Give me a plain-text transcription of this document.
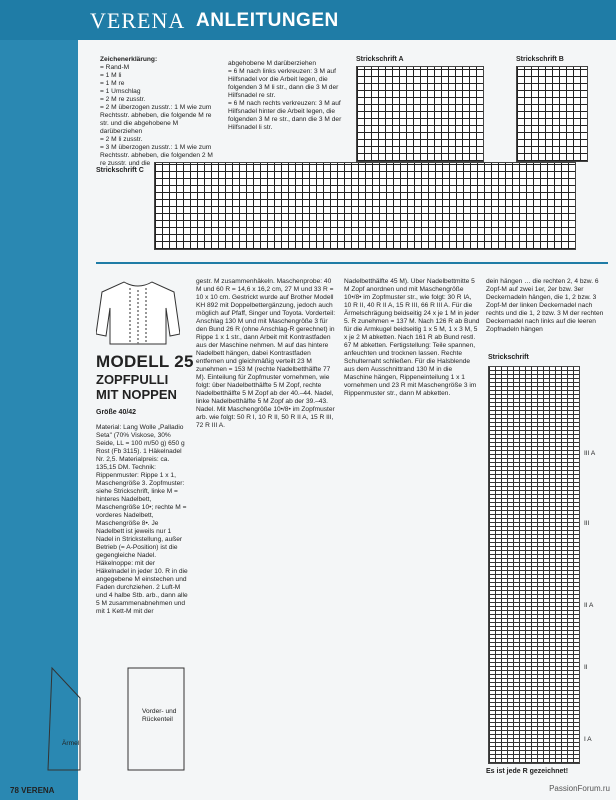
VERENA ANLEITUNGEN
Zeichenerklärung:
= Rand-M
= 1 M li
= 1 M re
= 1 Umschlag
= 2 M re zusstr.
= 2 M überzogen zusstr.: 1 M wie zum Rechtsstr. abheben, die folgende M re str. und die abgehobene M darüberziehen
= 2 M li zusstr.
= 3 M überzogen zusstr.: 1 M wie zum Rechtsstr. abheben, die folgenden 2 M re zusstr. und die
abgehobene M darüberziehen
= 6 M nach links verkreuzen: 3 M auf Hilfsnadel vor die Arbeit legen, die folgenden 3 M li str., dann die 3 M der Hilfsnadel re str.
= 6 M nach rechts verkreuzen: 3 M auf Hilfsnadel hinter die Arbeit legen, die folgenden 3 M re str., dann die 3 M der Hilfsnadel li str.
Strickschrift A	Strickschrift B
Strickschrift C
MODELL 25
ZOPFPULLI
MIT NOPPEN
Größe 40/42
Material: Lang Wolle „Palladio Seta" (70% Viskose, 30% Seide, LL = 100 m/50 g) 650 g Rost (Fb 3115). 1 Häkelnadel Nr. 2,5. Materialpreis: ca. 135,15 DM. Technik: Rippenmuster: Rippe 1 x 1, Maschengröße 3. Zopfmuster: siehe Strickschrift, linke M = hinteres Nadelbett, Maschengröße 10•; rechte M = vorderes Nadelbett, Maschengröße 8•. Je Nadelbett ist jeweils nur 1 Nadel in Strickstellung, außer Betrieb (= A-Position) ist die gegengleiche Nadel. Häkelnoppe: mit der Häkelnadel in jeder 10. R in die angegebene M einstechen und Faden durchziehen. 2 Luft-M und 4 halbe Stb. arb., dann alle 5 M zusammenabnehmen und mit 1 Kett-M mit der
gestr. M zusammenhäkeln. Maschenprobe: 40 M und 60 R = 14,6 x 16,2 cm, 27 M und 33 R = 10 x 10 cm. Gestrickt wurde auf Brother Modell KH 892 mit Doppelbettergänzung, jedoch auch möglich auf Pfaff, Singer und Toyota. Vorderteil: Anschlag 130 M und mit Maschengröße 3 für den Bund 26 R (ohne Anschlag-R gerechnet) in Rippe 1 x 1 str., dann Arbeit mit Kontrastfaden aus der Maschine nehmen. M auf das hintere Nadelbett hängen, dabei Kontrastfaden entfernen und gleichmäßig verteilt 23 M zunehmen = 153 M (rechte Nadelbetthälfte 77 M). Einteilung für Zopfmuster vornehmen, wie folgt: über Nadelbetthälfte 5 M Zopf, rechte Nadelbetthälfte 5 M Zopf ab der 40.–44. Nadel, linke Nadelbetthälfte 5 M Zopf ab der 39.–43. Nadel. Mit Maschengröße 10•/8• im Zopfmuster arb. wie folgt: 50 R I, 10 R II, 50 R II A, 15 R III, 72 R III A.
Nadelbetthälfte 45 M). Über Nadelbettmitte 5 M Zopf anordnen und mit Maschengröße 10•/8• im Zopfmuster str., wie folgt: 30 R IA, 10 R II, 40 R II A, 15 R III, 66 R III A. Für die Ärmelschrägung beidseitig 24 x je 1 M in jeder 5. R zunehmen = 137 M. Nach 126 R ab Bund für die Armkugel beidseitig 1 x 5 M, 1 x 3 M, 5 x je 2 M abketten. Nach 161 R ab Bund restl. 67 M abketten. Fertigstellung: Teile spannen, anfeuchten und trocknen lassen. Rechte Schulternaht schließen. Für die Halsblende aus dem Ausschnittrand 130 M in die Maschine hängen, Rippeneinteilung 1 x 1 vornehmen und 23 R mit Maschengröße 3 im Rippenmuster str., dann M abketten.
dein hängen … die rechten 2, 4 bzw. 6 Zopf-M auf zwei 1er, 2er bzw. 3er Deckernadeln hängen, die 1, 2 bzw. 3 Zopf-M der linken Deckernadel nach rechts und die 1, 2 bzw. 3 M der rechten Deckernadel nach links auf die leeren Zopfnadeln hängen
Strickschrift
III A
III
II A
II
I A
Es ist jede R gezeichnet!
Ärmel
Vorder- und Rückenteil
78 VERENA	PassionForum.ru
